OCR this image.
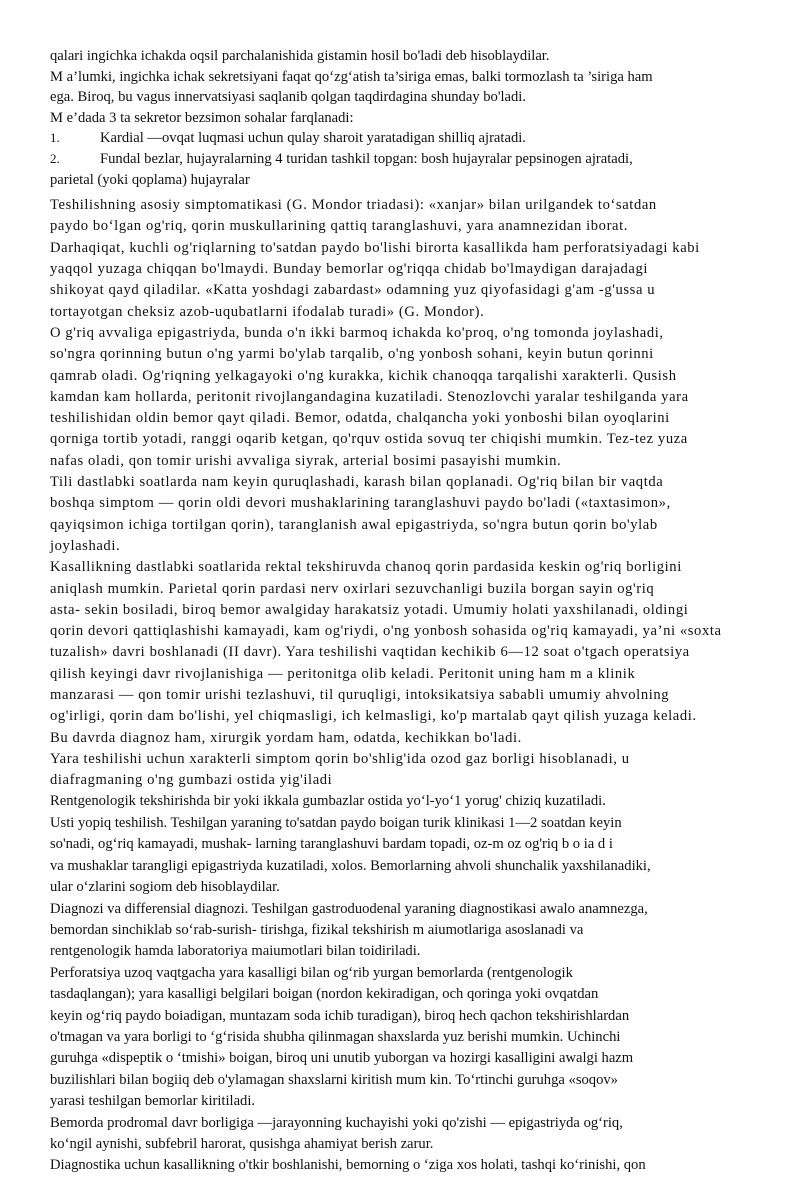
qalari ingichka ichakda oqsil parchalanishida gistamin hosil bo'ladi deb hisoblaydilar.
M a’lumki, ingichka ichak sekretsiyani faqat qo‘zg‘atish ta’siriga emas, balki tormozlash ta ’siriga ham
ega. Biroq, bu vagus innervatsiyasi saqlanib qolgan taqdirdagina shunday bo'ladi.
M e’dada 3 ta sekretor bezsimon sohalar farqlanadi:
1.	Kardial —ovqat luqmasi uchun qulay sharoit yaratadigan shilliq ajratadi.
2.	Fundal bezlar, hujayralarning 4 turidan tashkil topgan: bosh hujayralar pepsinogen ajratadi,
parietal (yoki qoplama) hujayralar
Teshilishning asosiy simptomatikasi (G. Mondor triadasi): «xanjar» bilan urilgandek to‘satdan
paydo bo‘lgan og'riq, qorin muskullarining qattiq taranglashuvi, yara anamnezidan iborat.
Darhaqiqat, kuchli og'riqlarning to'satdan paydo bo'lishi birorta kasallikda ham perforatsiyadagi kabi
yaqqol yuzaga chiqqan bo'lmaydi. Bunday bemorlar og'riqqa chidab bo'lmaydigan darajadagi
shikoyat qayd qiladilar. «Katta yoshdagi zabardast» odamning yuz qiyofasidagi g'am -g'ussa u
tortayotgan cheksiz azob-uqubatlarni ifodalab turadi» (G. Mondor).
O g'riq avvaliga epigastriyda, bunda o'n ikki barmoq ichakda ko'proq, o'ng tomonda joylashadi,
so'ngra qorinning butun o'ng yarmi bo'ylab tarqalib, o'ng yonbosh sohani, keyin butun qorinni
qamrab oladi. Og'riqning yelkagayoki o'ng kurakka, kichik chanoqqa tarqalishi xarakterli. Qusish
kamdan kam hollarda, peritonit rivojlangandagina kuzatiladi. Stenozlovchi yaralar teshilganda yara
teshilishidan oldin bemor qayt qiladi. Bemor, odatda, chalqancha yoki yonboshi bilan oyoqlarini
qorniga tortib yotadi, ranggi oqarib ketgan, qo'rquv ostida sovuq ter chiqishi mumkin. Tez-tez yuza
nafas oladi, qon tomir urishi avvaliga siyrak, arterial bosimi pasayishi mumkin.
Tili dastlabki soatlarda nam keyin quruqlashadi, karash bilan qoplanadi. Og'riq bilan bir vaqtda
boshqa simptom — qorin oldi devori mushaklarining taranglashuvi paydo bo'ladi («taxtasimon»,
qayiqsimon ichiga tortilgan qorin), taranglanish awal epigastriyda, so'ngra butun qorin bo'ylab
joylashadi.
Kasallikning dastlabki soatlarida rektal tekshiruvda chanoq qorin pardasida keskin og'riq borligini
aniqlash mumkin. Parietal qorin pardasi nerv oxirlari sezuvchanligi buzila borgan sayin og'riq
asta- sekin bosiladi, biroq bemor awalgiday harakatsiz yotadi. Umumiy holati yaxshilanadi, oldingi
qorin devori qattiqlashishi kamayadi, kam og'riydi, o'ng yonbosh sohasida og'riq kamayadi, ya’ni «soxta
tuzalish» davri boshlanadi (II davr). Yara teshilishi vaqtidan kechikib 6—12 soat o'tgach operatsiya
qilish keyingi davr rivojlanishiga — peritonitga olib keladi. Peritonit uning ham m a klinik
manzarasi — qon tomir urishi tezlashuvi, til quruqligi, intoksikatsiya sababli umumiy ahvolning
og'irligi, qorin dam bo'lishi, yel chiqmasligi, ich kelmasligi, ko'p martalab qayt qilish yuzaga keladi.
Bu davrda diagnoz ham, xirurgik yordam ham, odatda, kechikkan bo'ladi.
Yara teshilishi uchun xarakterli simptom qorin bo'shlig'ida ozod gaz borligi hisoblanadi, u
diafragmaning o'ng gumbazi ostida yig'iladi
Rentgenologik tekshirishda bir yoki ikkala gumbazlar ostida yo‘l-yo‘1 yorug' chiziq kuzatiladi.
Usti yopiq teshilish. Teshilgan yaraning to'satdan paydo boigan turik klinikasi 1—2 soatdan keyin
so'nadi, og‘riq kamayadi, mushak- larning taranglashuvi bardam topadi, oz-m oz og'riq b o ia d i
va mushaklar tarangligi epigastriyda kuzatiladi, xolos. Bemorlarning ahvoli shunchalik yaxshilanadiki,
ular o‘zlarini sogiom deb hisoblaydilar.
Diagnozi va differensial diagnozi. Teshilgan gastroduodenal yaraning diagnostikasi awalo anamnezga,
bemordan sinchiklab so‘rab-surish- tirishga, fizikal tekshirish m aiumotlariga asoslanadi va
rentgenologik hamda laboratoriya maiumotlari bilan toidiriladi.
Perforatsiya uzoq vaqtgacha yara kasalligi bilan og‘rib yurgan bemorlarda (rentgenologik
tasdaqlangan); yara kasalligi belgilari boigan (nordon kekiradigan, och qoringa yoki ovqatdan
keyin og‘riq paydo boiadigan, muntazam soda ichib turadigan), biroq hech qachon tekshirishlardan
o'tmagan va yara borligi to ‘g‘risida shubha qilinmagan shaxslarda yuz berishi mumkin. Uchinchi
guruhga «dispeptik o ‘tmishi» boigan, biroq uni unutib yuborgan va hozirgi kasalligini awalgi hazm
buzilishlari bilan bogiiq deb o'ylamagan shaxslarni kiritish mum kin. To‘rtinchi guruhga «soqov»
yarasi teshilgan bemorlar kiritiladi.
Bemorda prodromal davr borligiga —jarayonning kuchayishi yoki qo'zishi — epigastriyda og‘riq,
ko‘ngil aynishi, subfebril harorat, qusishga ahamiyat berish zarur.
Diagnostika uchun kasallikning o'tkir boshlanishi, bemorning o ‘ziga xos holati, tashqi ko‘rinishi, qon
